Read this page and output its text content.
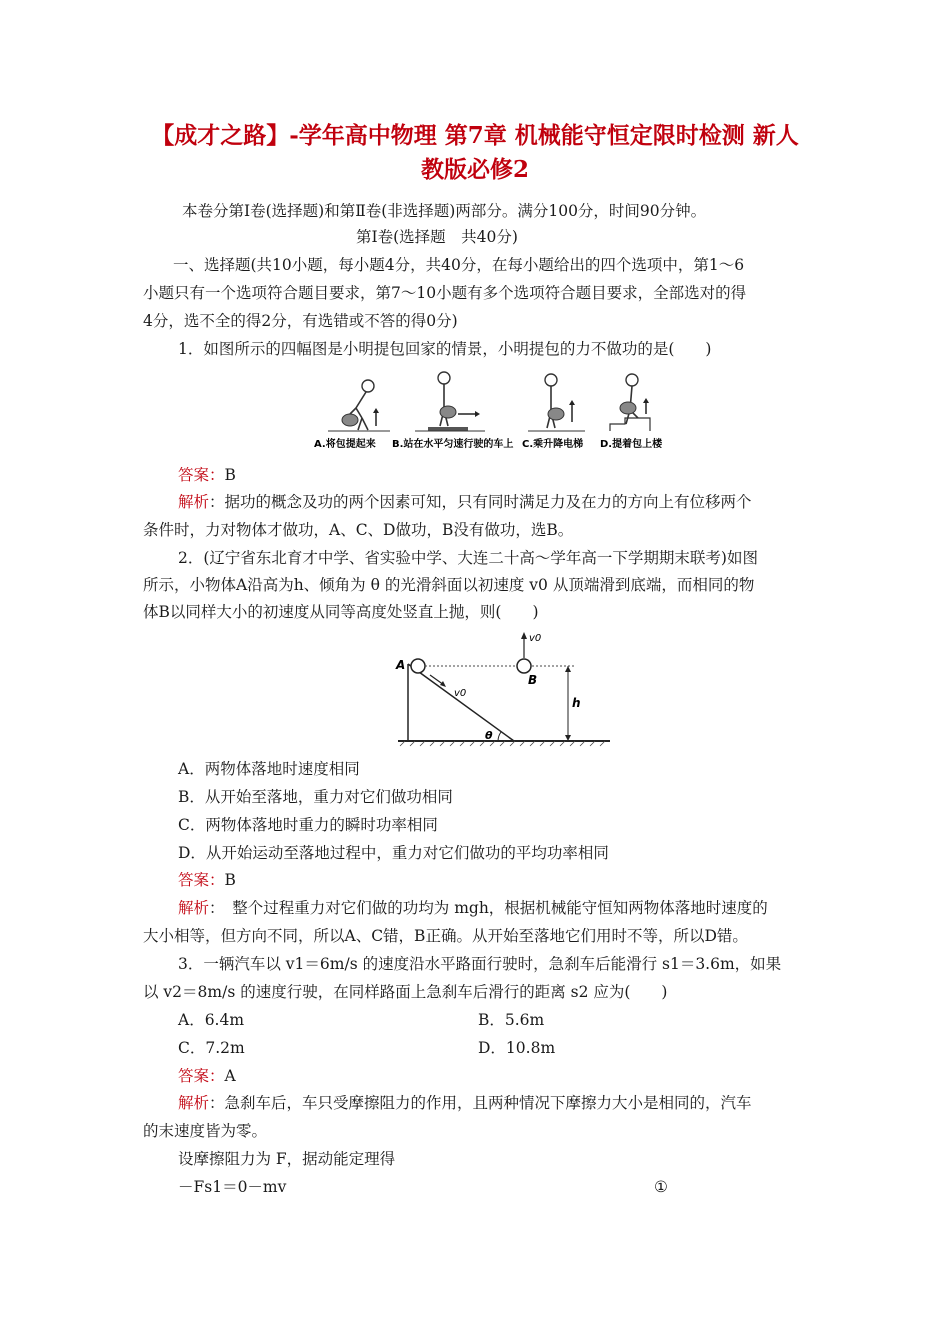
【成才之路】-学年高中物理 第7章 机械能守恒定限时检测 新人
教版必修2
本卷分第Ⅰ卷(选择题)和第Ⅱ卷(非选择题)两部分。满分100分，时间90分钟。
第Ⅰ卷(选择题　共40分)
一、选择题(共10小题，每小题4分，共40分，在每小题给出的四个选项中，第1～6
小题只有一个选项符合题目要求，第7～10小题有多个选项符合题目要求，全部选对的得
4分，选不全的得2分，有选错或不答的得0分)
1．如图所示的四幅图是小明提包回家的情景，小明提包的力不做功的是(　　)
A.将包提起来 B.站在水平匀速行驶的车上 C.乘升降电梯 D.提着包上楼
答案：B
解析：据功的概念及功的两个因素可知，只有同时满足力及在力的方向上有位移两个
条件时，力对物体才做功，A、C、D做功，B没有做功，选B。
2．(辽宁省东北育才中学、省实验中学、大连二十高～学年高一下学期期末联考)如图
所示，小物体A沿高为h、倾角为 θ 的光滑斜面以初速度 v0 从顶端滑到底端，而相同的物
体B以同样大小的初速度从同等高度处竖直上抛，则(　　)
A
B
v0
v0
h
θ
A．两物体落地时速度相同
B．从开始至落地，重力对它们做功相同
C．两物体落地时重力的瞬时功率相同
D．从开始运动至落地过程中，重力对它们做功的平均功率相同
答案：B
解析：　整个过程重力对它们做的功均为 mgh，根据机械能守恒知两物体落地时速度的
大小相等，但方向不同，所以A、C错，B正确。从开始至落地它们用时不等，所以D错。
3．一辆汽车以 v1＝6m/s 的速度沿水平路面行驶时，急刹车后能滑行 s1＝3.6m，如果
以 v2＝8m/s 的速度行驶，在同样路面上急刹车后滑行的距离 s2 应为(　　)
A．6.4m	B．5.6m
C．7.2m	D．10.8m
答案：A
解析：急刹车后，车只受摩擦阻力的作用，且两种情况下摩擦力大小是相同的，汽车
的末速度皆为零。
设摩擦阻力为 F，据动能定理得
－Fs1＝0－mv	①
